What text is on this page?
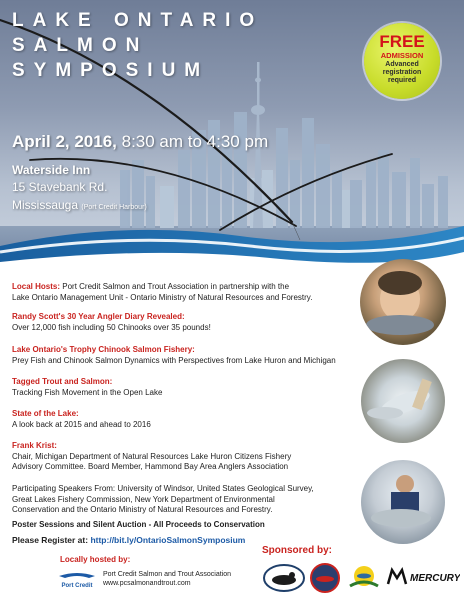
LAKE ONTARIO
SALMON
SYMPOSIUM
FREE
ADMISSION
Advanced registration required
April 2, 2016, 8:30 am to 4:30 pm
Waterside Inn
15 Stavebank Rd.
Mississauga (Port Credit Harbour)
Local Hosts: Port Credit Salmon and Trout Association in partnership with the
Lake Ontario Management Unit - Ontario Ministry of Natural Resources and Forestry.
Randy Scott's 30 Year Angler Diary Revealed:
Over 12,000 fish including 50 Chinooks over 35 pounds!
Lake Ontario's Trophy Chinook Salmon Fishery:
Prey Fish and Chinook Salmon Dynamics with Perspectives from Lake Huron and Michigan
Tagged Trout and Salmon:
Tracking Fish Movement in the Open Lake
State of the Lake:
A look back at 2015 and ahead to 2016
Frank Krist:
Chair, Michigan Department of Natural Resources Lake Huron Citizens Fishery
Advisory Committee. Board Member, Hammond Bay Area Anglers Association
Participating Speakers From: University of Windsor, United States Geological Survey,
Great Lakes Fishery Commission, New York Department of Environmental
Conservation and the Ontario Ministry of Natural Resources and Forestry.
Poster Sessions and Silent Auction - All Proceeds to Conservation
Please Register at: http://bit.ly/OntarioSalmonSymposium
Locally hosted by:
Port Credit
Port Credit Salmon and Trout Association
www.pcsalmonandtrout.com
Sponsored by:
MERCURY
